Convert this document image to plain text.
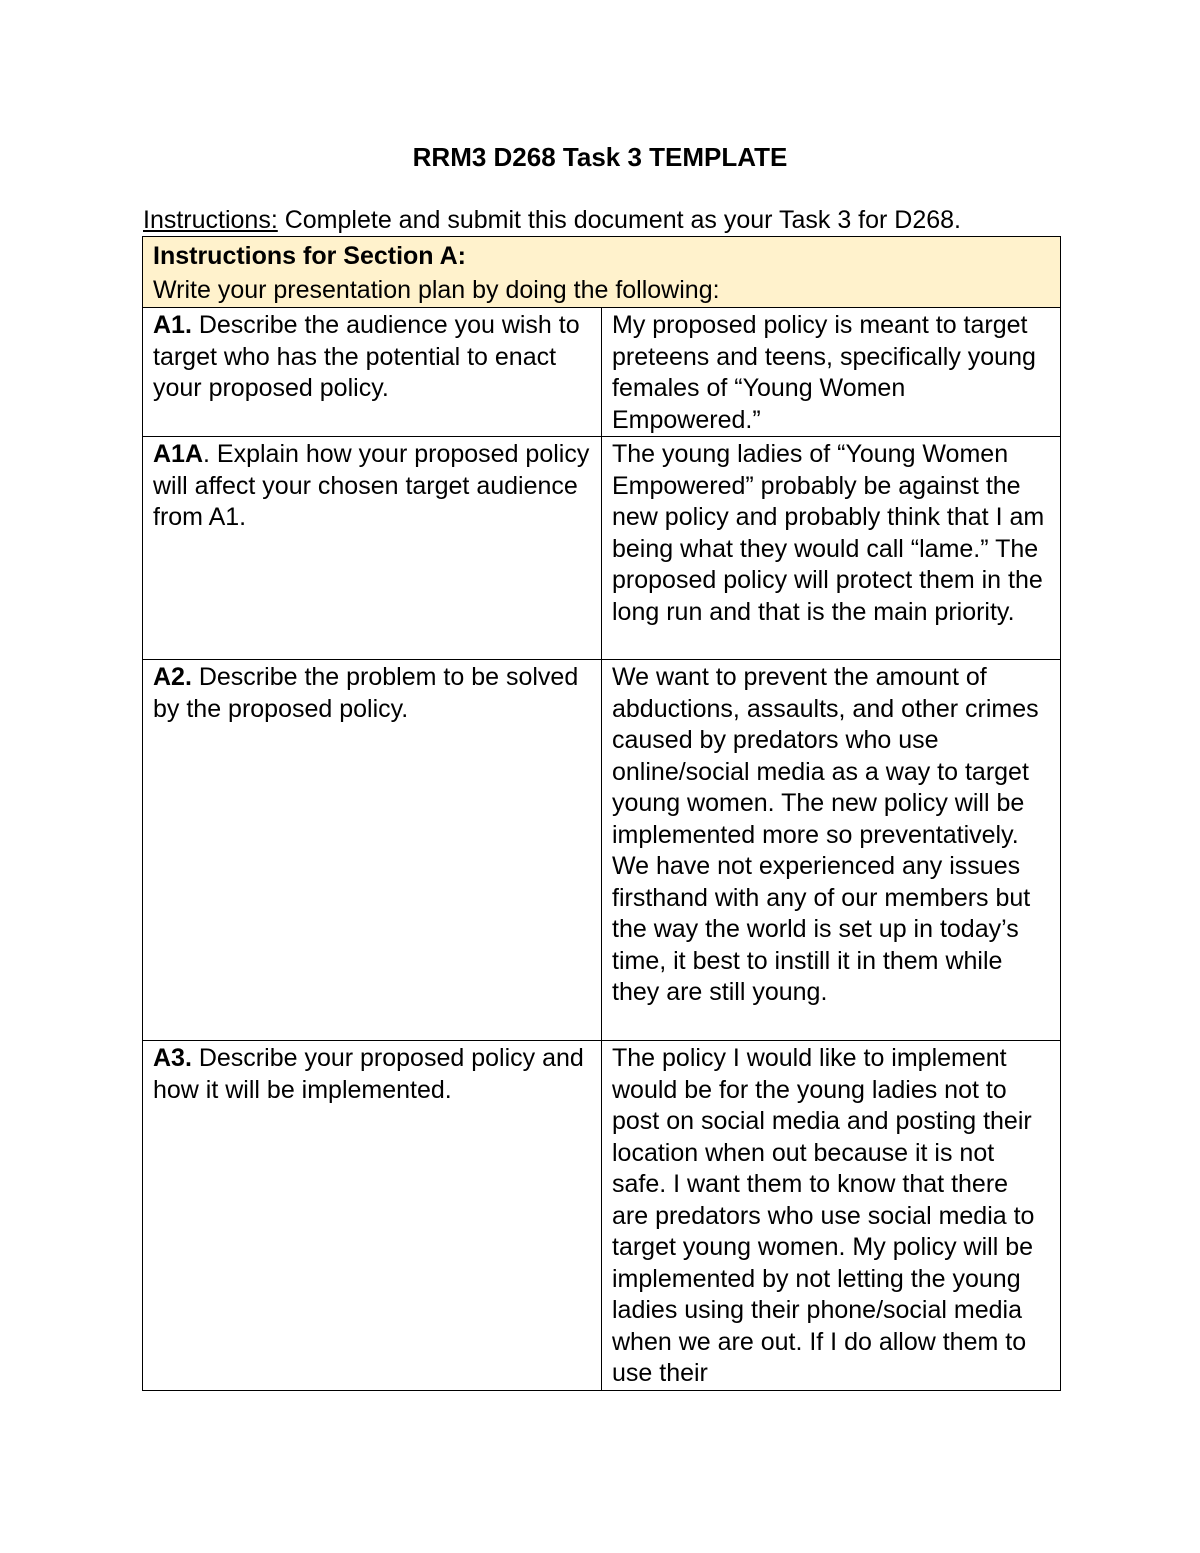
RRM3 D268 Task 3 TEMPLATE
Instructions: Complete and submit this document as your Task 3 for D268.
Instructions for Section A:
Write your presentation plan by doing the following:	

A1. Describe the audience you wish to target who has the potential to enact your proposed policy.	My proposed policy is meant to target preteens and teens, specifically young females of “Young Women Empowered.”
A1A. Explain how your proposed policy will affect your chosen target audience from A1.	The young ladies of “Young Women Empowered” probably be against the new policy and probably think that I am being what they would call “lame.” The proposed policy will protect them in the long run and that is the main priority.
A2. Describe the problem to be solved by the proposed policy.	We want to prevent the amount of abductions, assaults, and other crimes caused by predators who use online/social media as a way to target young women. The new policy will be implemented more so preventatively. We have not experienced any issues firsthand with any of our members but the way the world is set up in today’s time, it best to instill it in them while they are still young.
A3. Describe your proposed policy and how it will be implemented.	The policy I would like to implement would be for the young ladies not to post on social media and posting their location when out because it is not safe. I want them to know that there are predators who use social media to target young women. My policy will be implemented by not letting the young ladies using their phone/social media when we are out. If I do allow them to use their
